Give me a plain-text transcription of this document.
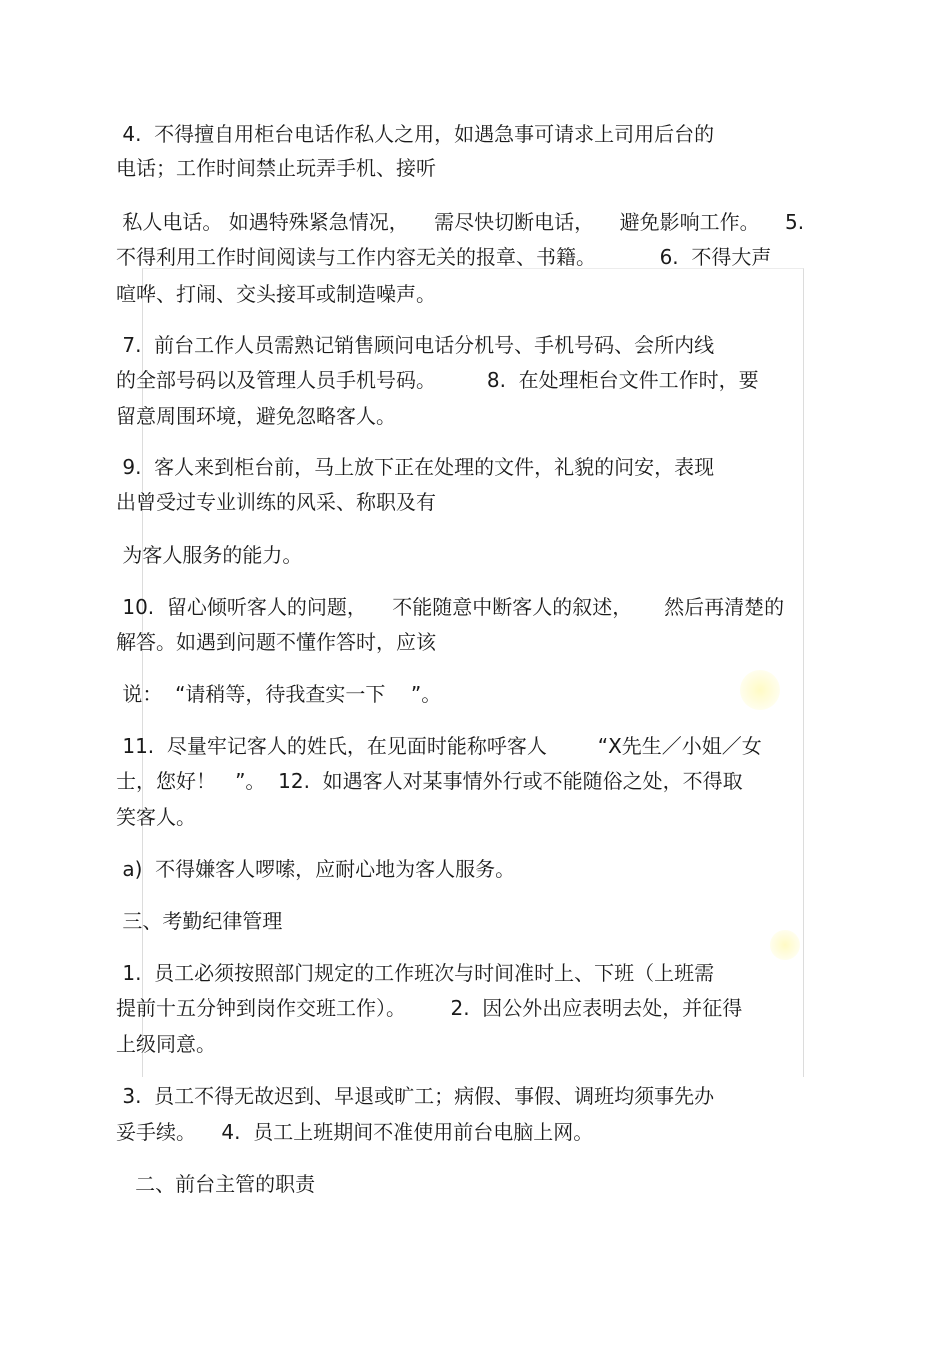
4.  不得擅自用柜台电话作私人之用，如遇急事可请求上司用后台的
电话；工作时间禁止玩弄手机、接听
私人电话。 如遇特殊紧急情况，    需尽快切断电话，    避免影响工作。    5.
不得利用工作时间阅读与工作内容无关的报章、书籍。          6.  不得大声
喧哗、打闹、交头接耳或制造噪声。
7.  前台工作人员需熟记销售顾问电话分机号、手机号码、会所内线
的全部号码以及管理人员手机号码。        8.  在处理柜台文件工作时，要
留意周围环境，避免忽略客人。
9.  客人来到柜台前，马上放下正在处理的文件，礼貌的问安，表现
出曾受过专业训练的风采、称职及有
为客人服务的能力。
10.  留心倾听客人的问题，    不能随意中断客人的叙述，     然后再清楚的
解答。如遇到问题不懂作答时，应该
说：  “请稍等，待我查实一下    ”。
11.  尽量牢记客人的姓氏，在见面时能称呼客人        “X先生／小姐／女
士，您好！   ”。  12.  如遇客人对某事情外行或不能随俗之处，不得取
笑客人。
a)  不得嫌客人啰嗦，应耐心地为客人服务。
三、考勤纪律管理
1.  员工必须按照部门规定的工作班次与时间准时上、下班（上班需
提前十五分钟到岗作交班工作）。       2.  因公外出应表明去处，并征得
上级同意。
3.  员工不得无故迟到、早退或旷工；病假、事假、调班均须事先办
妥手续。    4.  员工上班期间不准使用前台电脑上网。
二、前台主管的职责
